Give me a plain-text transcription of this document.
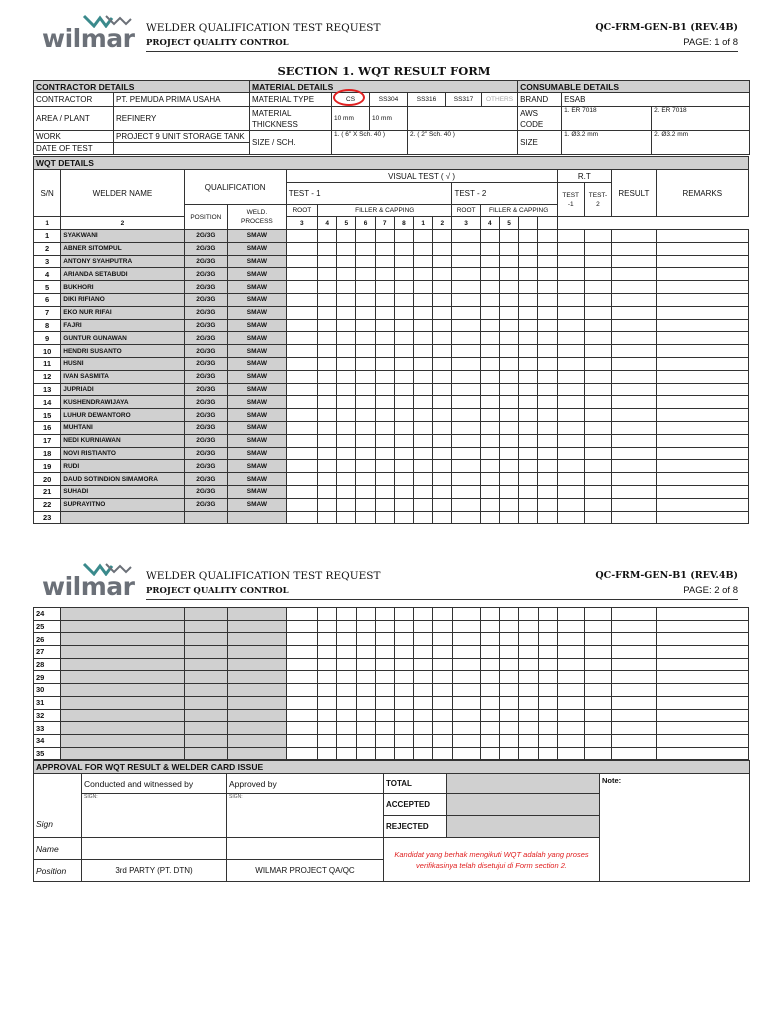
wilmar WELDER QUALIFICATION TEST REQUEST
PROJECT QUALITY CONTROL
QC-FRM-GEN-B1 (REV.4B)
PAGE: 1 of 8
SECTION 1. WQT RESULT FORM
CONTRACTOR DETAILS		MATERIAL DETAILS						CONSUMABLE DETAILS		
CONTRACTOR	PT. PEMUDA PRIMA USAHA	MATERIAL TYPE	CS	SS304	SS316	SS317	OTHERS	BRAND	ESAB	
AREA / PLANT	REFINERY	MATERIAL THICKNESS	10 mm	10 mm				AWS CODE	1. ER 7018	2. ER 7018
WORK	PROJECT 9 UNIT STORAGE TANK	SIZE / SCH.	1. ( 6" X Sch. 40 )		2. ( 2" Sch. 40 )			SIZE	1. Ø3.2 mm	2. Ø3.2 mm
DATE OF TEST										
WQT DETAILS																				
S/N	WELDER NAME	QUALIFICATION		VISUAL TEST ( √ )													R.T		RESULT	REMARKS
				TEST - 1								TEST - 2					TEST -1	TEST- 2		
		POSITION	WELD. PROCESS	ROOT	FILLER & CAPPING							ROOT	FILLER & CAPPING							
1	2			3	4	5	6	7	8	1	2	3	4	5						
1	SYAKWANI	2G/3G	SMAW																	
2	ABNER SITOMPUL	2G/3G	SMAW																	
3	ANTONY SYAHPUTRA	2G/3G	SMAW																	
4	ARIANDA SETABUDI	2G/3G	SMAW																	
5	BUKHORI	2G/3G	SMAW																	
6	DIKI RIFIANO	2G/3G	SMAW																	
7	EKO NUR RIFAI	2G/3G	SMAW																	
8	FAJRI	2G/3G	SMAW																	
9	GUNTUR GUNAWAN	2G/3G	SMAW																	
10	HENDRI SUSANTO	2G/3G	SMAW																	
11	HUSNI	2G/3G	SMAW																	
12	IVAN SASMITA	2G/3G	SMAW																	
13	JUPRIADI	2G/3G	SMAW																	
14	KUSHENDRAWIJAYA	2G/3G	SMAW																	
15	LUHUR DEWANTORO	2G/3G	SMAW																	
16	MUHTANI	2G/3G	SMAW																	
17	NEDI KURNIAWAN	2G/3G	SMAW																	
18	NOVI RISTIANTO	2G/3G	SMAW																	
19	RUDI	2G/3G	SMAW																	
20	DAUD SOTINDION SIMAMORA	2G/3G	SMAW																	
21	SUHADI	2G/3G	SMAW																	
22	SUPRAYITNO	2G/3G	SMAW																	
23																				
wilmar WELDER QUALIFICATION TEST REQUEST
PROJECT QUALITY CONTROL
QC-FRM-GEN-B1 (REV.4B)
PAGE: 2 of 8
24																				
25																				
26																				
27																				
28																				
29																				
30																				
31																				
32																				
33																				
34																				
35																				
APPROVAL FOR WQT RESULT & WELDER CARD ISSUE					
Sign	Conducted and witnessed by	Approved by	TOTAL		Note:
	SIGN:	SIGN:	ACCEPTED		
			REJECTED		
Name			Kandidat yang berhak mengikuti WQT adalah yang proses verifikasinya telah disetujui di Form section 2.		
Position	3rd PARTY (PT. DTN)	WILMAR PROJECT QA/QC			
